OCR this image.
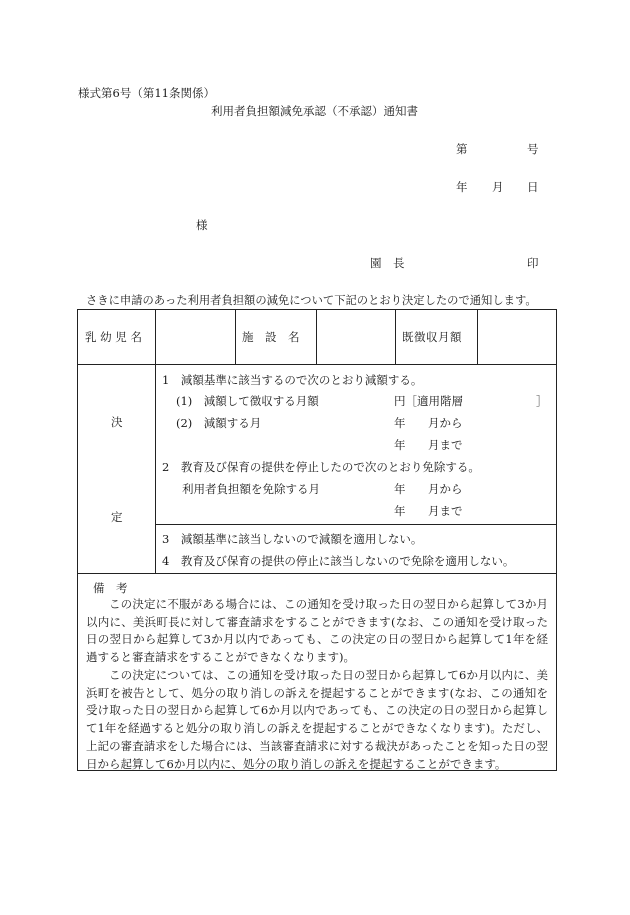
様式第6号（第11条関係）
利用者負担額減免承認（不承認）通知書
第	号
年 月 日
様
園　長	印
さきに申請のあった利用者負担額の減免について下記のとおり決定したので通知します。
乳 幼 児 名	施　設　名	既徴収月額
決
定
1　減額基準に該当するので次のとおり減額する。
(1)　減額して徴収する月額	円［適用階層	］
(2)　減額する月	年 月から
年 月まで
2　教育及び保育の提供を停止したので次のとおり免除する。
利用者負担額を免除する月	年 月から
年 月まで
3　減額基準に該当しないので減額を適用しない。
4　教育及び保育の提供の停止に該当しないので免除を適用しない。
備　考
この決定に不服がある場合には、この通知を受け取った日の翌日から起算して3か月以内に、美浜町長に対して審査請求をすることができます(なお、この通知を受け取った日の翌日から起算して3か月以内であっても、この決定の日の翌日から起算して1年を経過すると審査請求をすることができなくなります)。
この決定については、この通知を受け取った日の翌日から起算して6か月以内に、美浜町を被告として、処分の取り消しの訴えを提起することができます(なお、この通知を受け取った日の翌日から起算して6か月以内であっても、この決定の日の翌日から起算して1年を経過すると処分の取り消しの訴えを提起することができなくなります)。ただし、上記の審査請求をした場合には、当該審査請求に対する裁決があったことを知った日の翌日から起算して6か月以内に、処分の取り消しの訴えを提起することができます。
